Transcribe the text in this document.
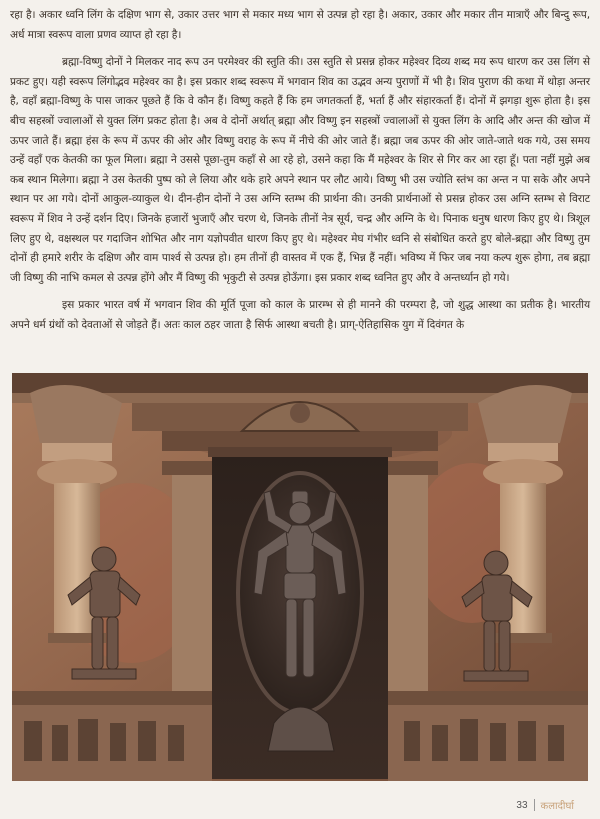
रहा है। अकार ध्वनि लिंग के दक्षिण भाग से, उकार उत्तर भाग से मकार मध्य भाग से उत्पन्न हो रहा है। अकार, उकार और मकार तीन मात्राएँ और बिन्दु रूप, अर्ध मात्रा स्वरूप वाला प्रणव व्याप्त हो रहा है।

ब्रह्मा-विष्णु दोनों ने मिलकर नाद रूप उन परमेश्वर की स्तुति की। उस स्तुति से प्रसन्न होकर महेश्वर दिव्य शब्द मय रूप धारण कर उस लिंग से प्रकट हुए। यही स्वरूप लिंगोद्भव महेश्वर का है। इस प्रकार शब्द स्वरूप में भगवान शिव का उद्भव अन्य पुराणों में भी है। शिव पुराण की कथा में थोड़ा अन्तर है, वहाँ ब्रह्मा-विष्णु के पास जाकर पूछते हैं कि वे कौन हैं। विष्णु कहते हैं कि हम जगतकर्ता हैं, भर्ता हैं और संहारकर्ता हैं। दोनों में झगड़ा शुरू होता है। इस बीच सहस्त्रों ज्वालाओं से युक्त लिंग प्रकट होता है। अब वे दोनों अर्थात् ब्रह्मा और विष्णु इन सहस्त्रों ज्वालाओं से युक्त लिंग के आदि और अन्त की खोज में ऊपर जाते हैं। ब्रह्मा हंस के रूप में ऊपर की ओर और विष्णु वराह के रूप में नीचे की ओर जाते हैं। ब्रह्मा जब ऊपर की ओर जाते-जाते थक गये, उस समय उन्हें वहाँ एक केतकी का फूल मिला। ब्रह्मा ने उससे पूछा-तुम कहाँ से आ रहे हो, उसने कहा कि मैं महेश्वर के शिर से गिर कर आ रहा हूँ। पता नहीं मुझे अब कब स्थान मिलेगा। ब्रह्मा ने उस केतकी पुष्प को ले लिया और थके हारे अपने स्थान पर लौट आये। विष्णु भी उस ज्योति स्तंभ का अन्त न पा सके और अपने स्थान पर आ गये। दोनों आकुल-व्याकुल थे। दीन-हीन दोनों ने उस अग्नि स्तम्भ की प्रार्थना की। उनकी प्रार्थनाओं से प्रसन्न होकर उस अग्नि स्तम्भ से विराट स्वरूप में शिव ने उन्हें दर्शन दिए। जिनके हजारों भुजाएँ और चरण थे, जिनके तीनों नेत्र सूर्य, चन्द्र और अग्नि के थे। पिनाक धनुष धारण किए हुए थे। त्रिशूल लिए हुए थे, वक्षस्थल पर गदाजिन शोभित और नाग यज्ञोपवीत धारण किए हुए थे। महेश्वर मेघ गंभीर ध्वनि से संबोधित करते हुए बोले-ब्रह्मा और विष्णु तुम दोनों ही हमारे शरीर के दक्षिण और वाम पार्श्व से उत्पन्न हो। हम तीनों ही वास्तव में एक हैं, भिन्न हैं नहीं। भविष्य में फिर जब नया कल्प शुरू होगा, तब ब्रह्मा जी विष्णु की नाभि कमल से उत्पन्न होंगे और मैं विष्णु की भृकुटी से उत्पन्न होऊँगा। इस प्रकार शब्द ध्वनित हुए और वे अन्तर्ध्यान हो गये।

इस प्रकार भारत वर्ष में भगवान शिव की मूर्ति पूजा को काल के प्रारम्भ से ही मानने की परम्परा है, जो शुद्ध आस्था का प्रतीक है। भारतीय अपने धर्म ग्रंथों को देवताओं से जोड़ते हैं। अतः काल ठहर जाता है सिर्फ आस्था बचती है। प्राग्-ऐतिहासिक युग में दिवंगत के

33 कलादीर्घा
